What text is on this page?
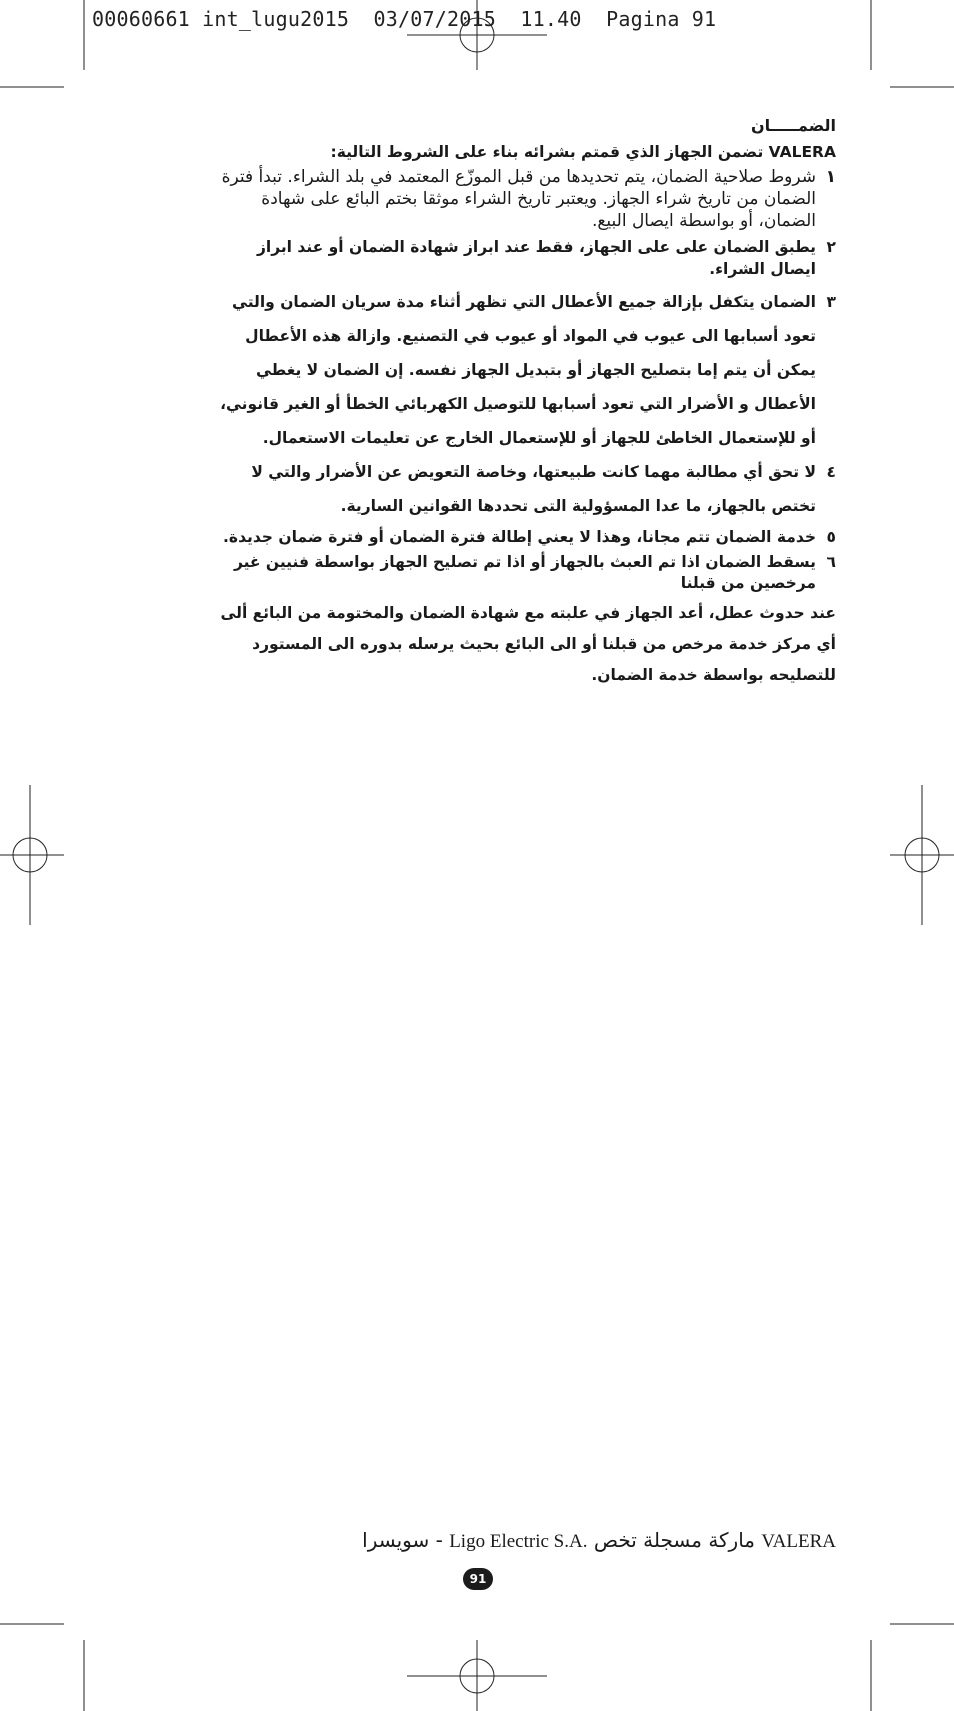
00060661 int_lugu2015  03/07/2015  11.40  Pagina 91
الضمـــــان

VALERA تضمن الجهاز الذي قمتم بشرائه بناء على الشروط التالية:

١
شروط صلاحية الضمان، يتم تحديدها من قبل الموزّع المعتمد في بلد الشراء. تبدأ فترة الضمان من تاريخ شراء الجهاز. ويعتبر تاريخ الشراء موثقا بختم البائع على شهادة الضمان، أو بواسطة ايصال البيع.
٢
يطبق الضمان على على الجهاز، فقط عند ابراز شهادة الضمان أو عند ابراز ايصال الشراء.
٣
الضمان يتكفل بإزالة جميع الأعطال التي تظهر أثناء مدة سريان الضمان والتي تعود أسبابها الى عيوب في المواد أو عيوب في التصنيع. وازالة هذه الأعطال يمكن أن يتم إما بتصليح الجهاز أو بتبديل الجهاز نفسه. إن الضمان لا يغطي الأعطال و الأضرار التي تعود أسبابها للتوصيل الكهربائي الخطأ أو الغير قانوني، أو للإستعمال الخاطئ للجهاز أو للإستعمال الخارج عن تعليمات الاستعمال.
٤
لا تحق أي مطالبة مهما كانت طبيعتها، وخاصة التعويض عن الأضرار والتي لا تختص بالجهاز، ما عدا المسؤولية التى تحددها القوانين السارية.
٥
خدمة الضمان تتم مجانا، وهذا لا يعني إطالة فترة الضمان أو فترة ضمان جديدة.
٦
يسقط الضمان اذا تم العبث بالجهاز أو اذا تم تصليح الجهاز بواسطة فنيين غير مرخصين من قبلنا

عند حدوث عطل، أعد الجهاز في علبته مع شهادة الضمان والمختومة من البائع ألى أي مركز خدمة مرخص من قبلنا أو الى البائع بحيث يرسله بدوره الى المستورد للتصليحه بواسطة خدمة الضمان.

VALERA ماركة مسجلة تخص Ligo Electric S.A. - سويسرا
91
